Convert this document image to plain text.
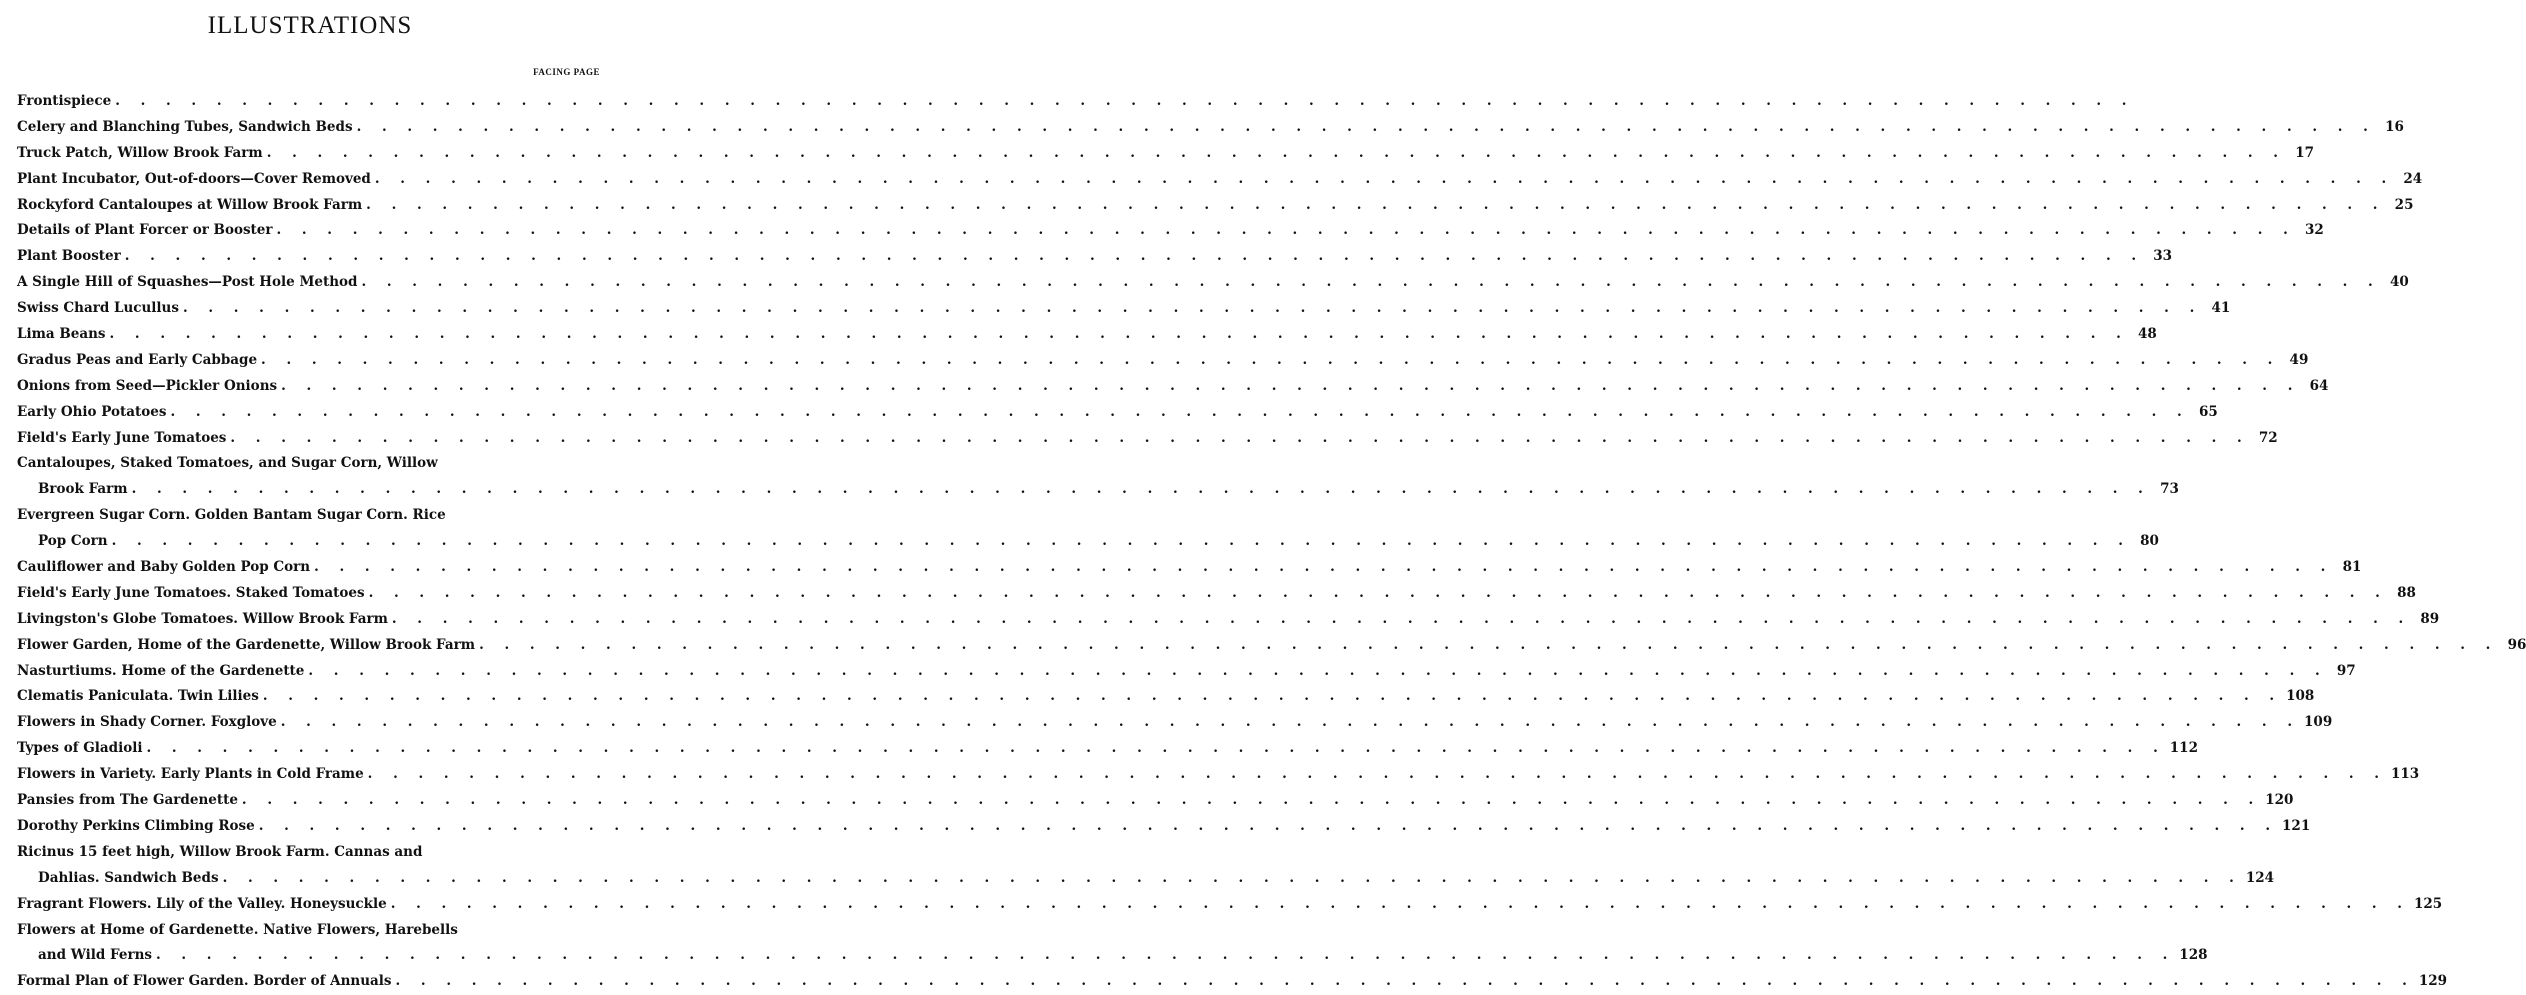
ILLUSTRATIONS
FACING PAGE
Frontispiece . . . . . . . . . . . . . . . . . . . . . . . . . . . . . . . . . . . . . . . . . . . . . . . . . . . . . . . . . . . . . . . . . . . . . . . . . . . . . . . .
Celery and Blanching Tubes, Sandwich Beds . . . . . . . . . . . . . . . . . . . . . . . . . . . . . . . . . . . . . . . . . . . . . . . . . . . . . . . . . . . . . . . . . . . . . . . . . . . . . . . . 16
Truck Patch, Willow Brook Farm . . . . . . . . . . . . . . . . . . . . . . . . . . . . . . . . . . . . . . . . . . . . . . . . . . . . . . . . . . . . . . . . . . . . . . . . . . . . . . . . 17
Plant Incubator, Out-of-doors—Cover Removed . . . . . . . . . . . . . . . . . . . . . . . . . . . . . . . . . . . . . . . . . . . . . . . . . . . . . . . . . . . . . . . . . . . . . . . . . . . . . . . . 24
Rockyford Cantaloupes at Willow Brook Farm . . . . . . . . . . . . . . . . . . . . . . . . . . . . . . . . . . . . . . . . . . . . . . . . . . . . . . . . . . . . . . . . . . . . . . . . . . . . . . . . 25
Details of Plant Forcer or Booster . . . . . . . . . . . . . . . . . . . . . . . . . . . . . . . . . . . . . . . . . . . . . . . . . . . . . . . . . . . . . . . . . . . . . . . . . . . . . . . . 32
Plant Booster . . . . . . . . . . . . . . . . . . . . . . . . . . . . . . . . . . . . . . . . . . . . . . . . . . . . . . . . . . . . . . . . . . . . . . . . . . . . . . . . 33
A Single Hill of Squashes—Post Hole Method . . . . . . . . . . . . . . . . . . . . . . . . . . . . . . . . . . . . . . . . . . . . . . . . . . . . . . . . . . . . . . . . . . . . . . . . . . . . . . . . 40
Swiss Chard Lucullus . . . . . . . . . . . . . . . . . . . . . . . . . . . . . . . . . . . . . . . . . . . . . . . . . . . . . . . . . . . . . . . . . . . . . . . . . . . . . . . . 41
Lima Beans . . . . . . . . . . . . . . . . . . . . . . . . . . . . . . . . . . . . . . . . . . . . . . . . . . . . . . . . . . . . . . . . . . . . . . . . . . . . . . . . 48
Gradus Peas and Early Cabbage . . . . . . . . . . . . . . . . . . . . . . . . . . . . . . . . . . . . . . . . . . . . . . . . . . . . . . . . . . . . . . . . . . . . . . . . . . . . . . . . 49
Onions from Seed—Pickler Onions . . . . . . . . . . . . . . . . . . . . . . . . . . . . . . . . . . . . . . . . . . . . . . . . . . . . . . . . . . . . . . . . . . . . . . . . . . . . . . . . 64
Early Ohio Potatoes . . . . . . . . . . . . . . . . . . . . . . . . . . . . . . . . . . . . . . . . . . . . . . . . . . . . . . . . . . . . . . . . . . . . . . . . . . . . . . . . 65
Field's Early June Tomatoes . . . . . . . . . . . . . . . . . . . . . . . . . . . . . . . . . . . . . . . . . . . . . . . . . . . . . . . . . . . . . . . . . . . . . . . . . . . . . . . . 72
Cantaloupes, Staked Tomatoes, and Sugar Corn, Willow
Brook Farm . . . . . . . . . . . . . . . . . . . . . . . . . . . . . . . . . . . . . . . . . . . . . . . . . . . . . . . . . . . . . . . . . . . . . . . . . . . . . . . . 73
Evergreen Sugar Corn. Golden Bantam Sugar Corn. Rice
Pop Corn . . . . . . . . . . . . . . . . . . . . . . . . . . . . . . . . . . . . . . . . . . . . . . . . . . . . . . . . . . . . . . . . . . . . . . . . . . . . . . . . 80
Cauliflower and Baby Golden Pop Corn . . . . . . . . . . . . . . . . . . . . . . . . . . . . . . . . . . . . . . . . . . . . . . . . . . . . . . . . . . . . . . . . . . . . . . . . . . . . . . . . 81
Field's Early June Tomatoes. Staked Tomatoes . . . . . . . . . . . . . . . . . . . . . . . . . . . . . . . . . . . . . . . . . . . . . . . . . . . . . . . . . . . . . . . . . . . . . . . . . . . . . . . . 88
Livingston's Globe Tomatoes. Willow Brook Farm . . . . . . . . . . . . . . . . . . . . . . . . . . . . . . . . . . . . . . . . . . . . . . . . . . . . . . . . . . . . . . . . . . . . . . . . . . . . . . . . 89
Flower Garden, Home of the Gardenette, Willow Brook Farm . . . . . . . . . . . . . . . . . . . . . . . . . . . . . . . . . . . . . . . . . . . . . . . . . . . . . . . . . . . . . . . . . . . . . . . . . . . . . . . . 96
Nasturtiums. Home of the Gardenette . . . . . . . . . . . . . . . . . . . . . . . . . . . . . . . . . . . . . . . . . . . . . . . . . . . . . . . . . . . . . . . . . . . . . . . . . . . . . . . . 97
Clematis Paniculata. Twin Lilies . . . . . . . . . . . . . . . . . . . . . . . . . . . . . . . . . . . . . . . . . . . . . . . . . . . . . . . . . . . . . . . . . . . . . . . . . . . . . . . . 108
Flowers in Shady Corner. Foxglove . . . . . . . . . . . . . . . . . . . . . . . . . . . . . . . . . . . . . . . . . . . . . . . . . . . . . . . . . . . . . . . . . . . . . . . . . . . . . . . . 109
Types of Gladioli . . . . . . . . . . . . . . . . . . . . . . . . . . . . . . . . . . . . . . . . . . . . . . . . . . . . . . . . . . . . . . . . . . . . . . . . . . . . . . . . 112
Flowers in Variety. Early Plants in Cold Frame . . . . . . . . . . . . . . . . . . . . . . . . . . . . . . . . . . . . . . . . . . . . . . . . . . . . . . . . . . . . . . . . . . . . . . . . . . . . . . . . 113
Pansies from The Gardenette . . . . . . . . . . . . . . . . . . . . . . . . . . . . . . . . . . . . . . . . . . . . . . . . . . . . . . . . . . . . . . . . . . . . . . . . . . . . . . . . 120
Dorothy Perkins Climbing Rose . . . . . . . . . . . . . . . . . . . . . . . . . . . . . . . . . . . . . . . . . . . . . . . . . . . . . . . . . . . . . . . . . . . . . . . . . . . . . . . . 121
Ricinus 15 feet high, Willow Brook Farm. Cannas and
Dahlias. Sandwich Beds . . . . . . . . . . . . . . . . . . . . . . . . . . . . . . . . . . . . . . . . . . . . . . . . . . . . . . . . . . . . . . . . . . . . . . . . . . . . . . . . 124
Fragrant Flowers. Lily of the Valley. Honeysuckle . . . . . . . . . . . . . . . . . . . . . . . . . . . . . . . . . . . . . . . . . . . . . . . . . . . . . . . . . . . . . . . . . . . . . . . . . . . . . . . . 125
Flowers at Home of Gardenette. Native Flowers, Harebells
and Wild Ferns . . . . . . . . . . . . . . . . . . . . . . . . . . . . . . . . . . . . . . . . . . . . . . . . . . . . . . . . . . . . . . . . . . . . . . . . . . . . . . . . 128
Formal Plan of Flower Garden. Border of Annuals . . . . . . . . . . . . . . . . . . . . . . . . . . . . . . . . . . . . . . . . . . . . . . . . . . . . . . . . . . . . . . . . . . . . . . . . . . . . . . . . 129
